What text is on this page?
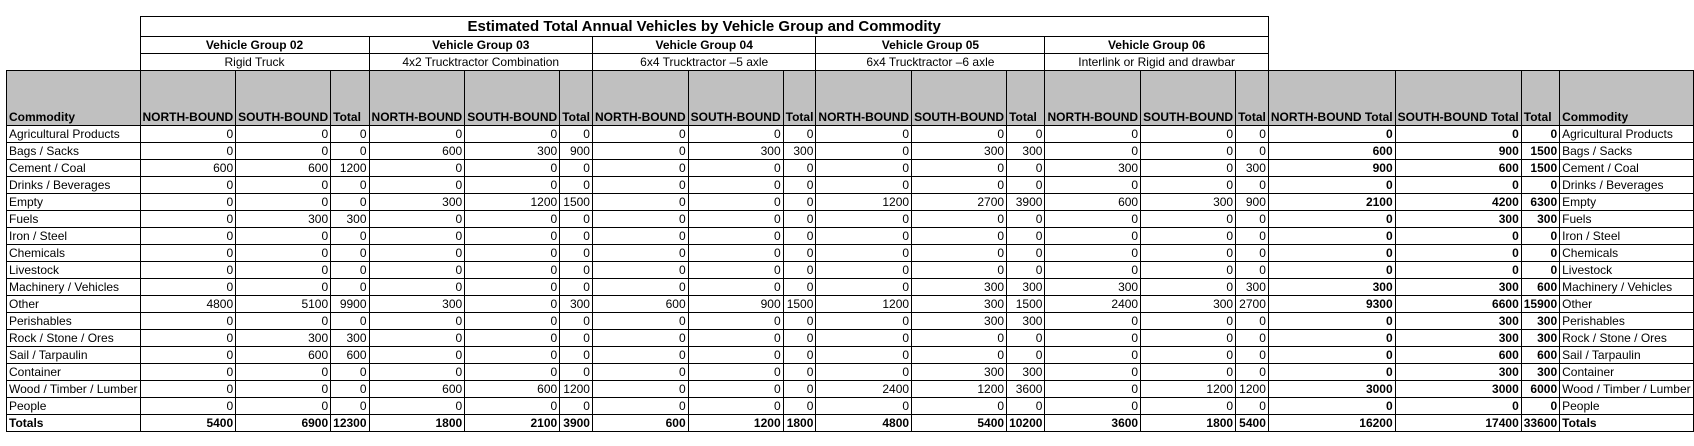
	Estimated Total Annual Vehicles by Vehicle Group and Commodity																		
	Vehicle Group 02			Vehicle Group 03			Vehicle Group 04			Vehicle Group 05			Vehicle Group 06						
	Rigid Truck			4x2 Trucktractor Combination			6x4 Trucktractor –5 axle			6x4 Trucktractor –6 axle			Interlink or Rigid and drawbar						
Commodity	NORTH-BOUND	SOUTH-BOUND	Total	NORTH-BOUND	SOUTH-BOUND	Total	NORTH-BOUND	SOUTH-BOUND	Total	NORTH-BOUND	SOUTH-BOUND	Total	NORTH-BOUND	SOUTH-BOUND	Total	NORTH-BOUND Total	SOUTH-BOUND Total	Total	Commodity
Agricultural Products	0	0	0	0	0	0	0	0	0	0	0	0	0	0	0	0	0	0	Agricultural Products
Bags / Sacks	0	0	0	600	300	900	0	300	300	0	300	300	0	0	0	600	900	1500	Bags / Sacks
Cement / Coal	600	600	1200	0	0	0	0	0	0	0	0	0	300	0	300	900	600	1500	Cement / Coal
Drinks / Beverages	0	0	0	0	0	0	0	0	0	0	0	0	0	0	0	0	0	0	Drinks / Beverages
Empty	0	0	0	300	1200	1500	0	0	0	1200	2700	3900	600	300	900	2100	4200	6300	Empty
Fuels	0	300	300	0	0	0	0	0	0	0	0	0	0	0	0	0	300	300	Fuels
Iron / Steel	0	0	0	0	0	0	0	0	0	0	0	0	0	0	0	0	0	0	Iron / Steel
Chemicals	0	0	0	0	0	0	0	0	0	0	0	0	0	0	0	0	0	0	Chemicals
Livestock	0	0	0	0	0	0	0	0	0	0	0	0	0	0	0	0	0	0	Livestock
Machinery / Vehicles	0	0	0	0	0	0	0	0	0	0	300	300	300	0	300	300	300	600	Machinery / Vehicles
Other	4800	5100	9900	300	0	300	600	900	1500	1200	300	1500	2400	300	2700	9300	6600	15900	Other
Perishables	0	0	0	0	0	0	0	0	0	0	300	300	0	0	0	0	300	300	Perishables
Rock / Stone / Ores	0	300	300	0	0	0	0	0	0	0	0	0	0	0	0	0	300	300	Rock / Stone / Ores
Sail / Tarpaulin	0	600	600	0	0	0	0	0	0	0	0	0	0	0	0	0	600	600	Sail / Tarpaulin
Container	0	0	0	0	0	0	0	0	0	0	300	300	0	0	0	0	300	300	Container
Wood / Timber / Lumber	0	0	0	600	600	1200	0	0	0	2400	1200	3600	0	1200	1200	3000	3000	6000	Wood / Timber / Lumber
People	0	0	0	0	0	0	0	0	0	0	0	0	0	0	0	0	0	0	People
Totals	5400	6900	12300	1800	2100	3900	600	1200	1800	4800	5400	10200	3600	1800	5400	16200	17400	33600	Totals
